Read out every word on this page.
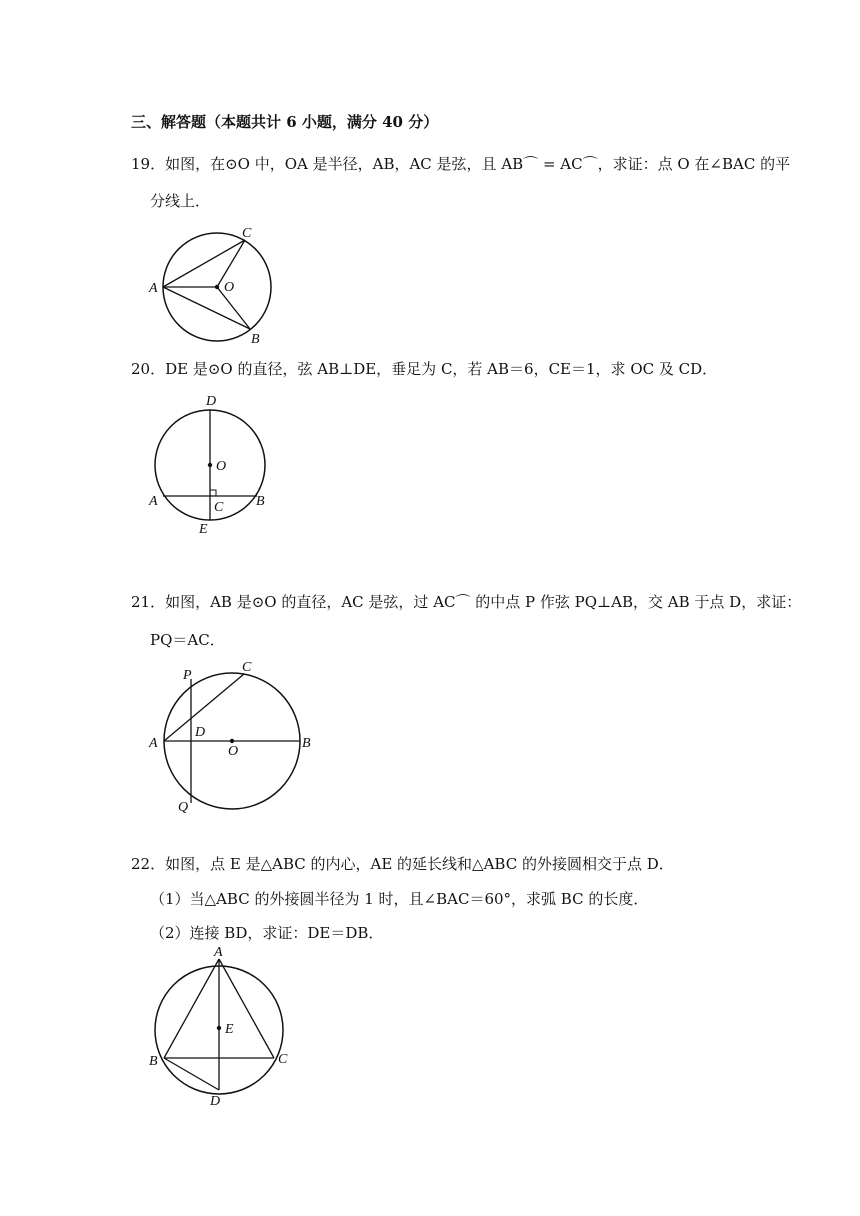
三、解答题（本题共计 6 小题，满分 40 分）
19．如图，在⊙O 中，OA 是半径，AB，AC 是弦，且 AB⌒ = AC⌒，求证：点 O 在∠BAC 的平
分线上．
A	O
C
B
20．DE 是⊙O 的直径，弦 AB⊥DE，垂足为 C，若 AB＝6，CE＝1，求 OC 及 CD．
D
O
A	C B
E
21．如图，AB 是⊙O 的直径，AC 是弦，过 AC⌒ 的中点 P 作弦 PQ⊥AB，交 AB 于点 D，求证：
PQ＝AC．
P
C
A
D
O
B
Q
22．如图，点 E 是△ABC 的内心，AE 的延长线和△ABC 的外接圆相交于点 D．
（1）当△ABC 的外接圆半径为 1 时，且∠BAC＝60°，求弧 BC 的长度．
（2）连接 BD，求证：DE＝DB．
A
E
B	C
D
